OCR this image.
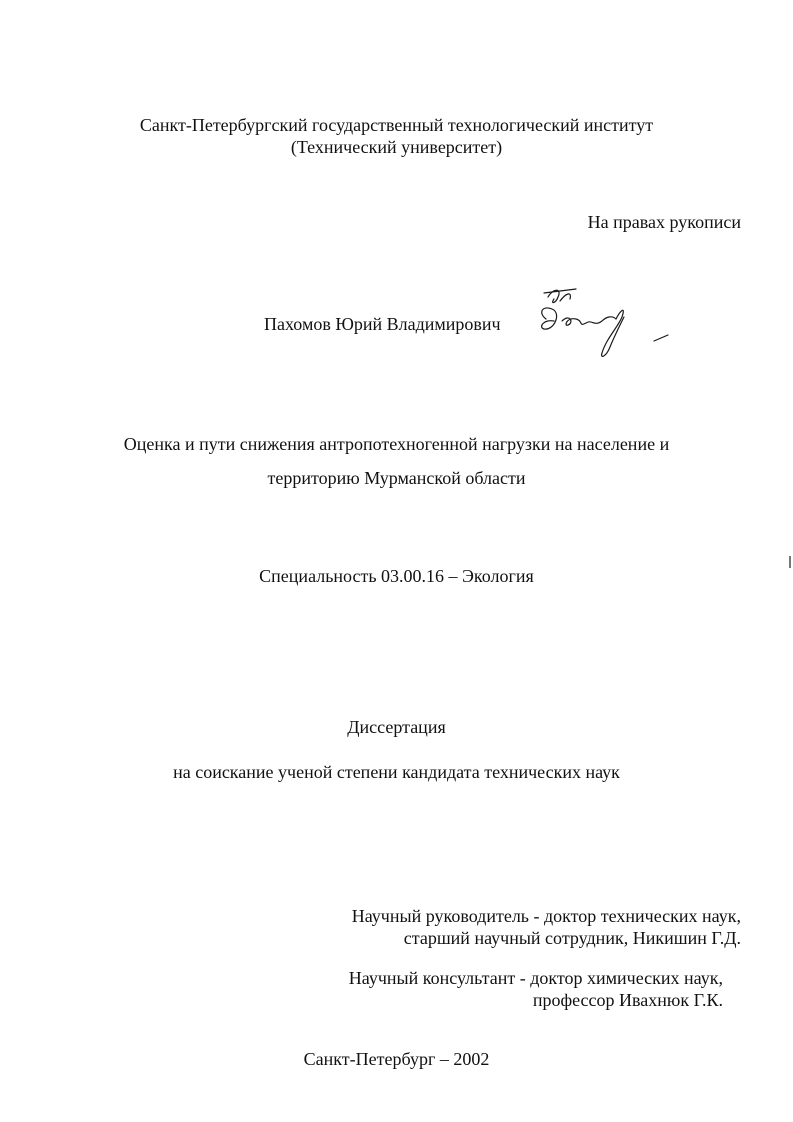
Санкт-Петербургский государственный технологический институт

(Технический университет)

На правах рукописи

Пахомов Юрий Владимирович

Оценка и пути снижения антропотехногенной нагрузки на население и

территорию Мурманской области

Специальность 03.00.16 – Экология

Диссертация

на соискание ученой степени кандидата технических наук

Научный руководитель - доктор технических наук,

старший научный сотрудник, Никишин Г.Д.

Научный консультант - доктор химических наук,

профессор Ивахнюк Г.К.

Санкт-Петербург – 2002
